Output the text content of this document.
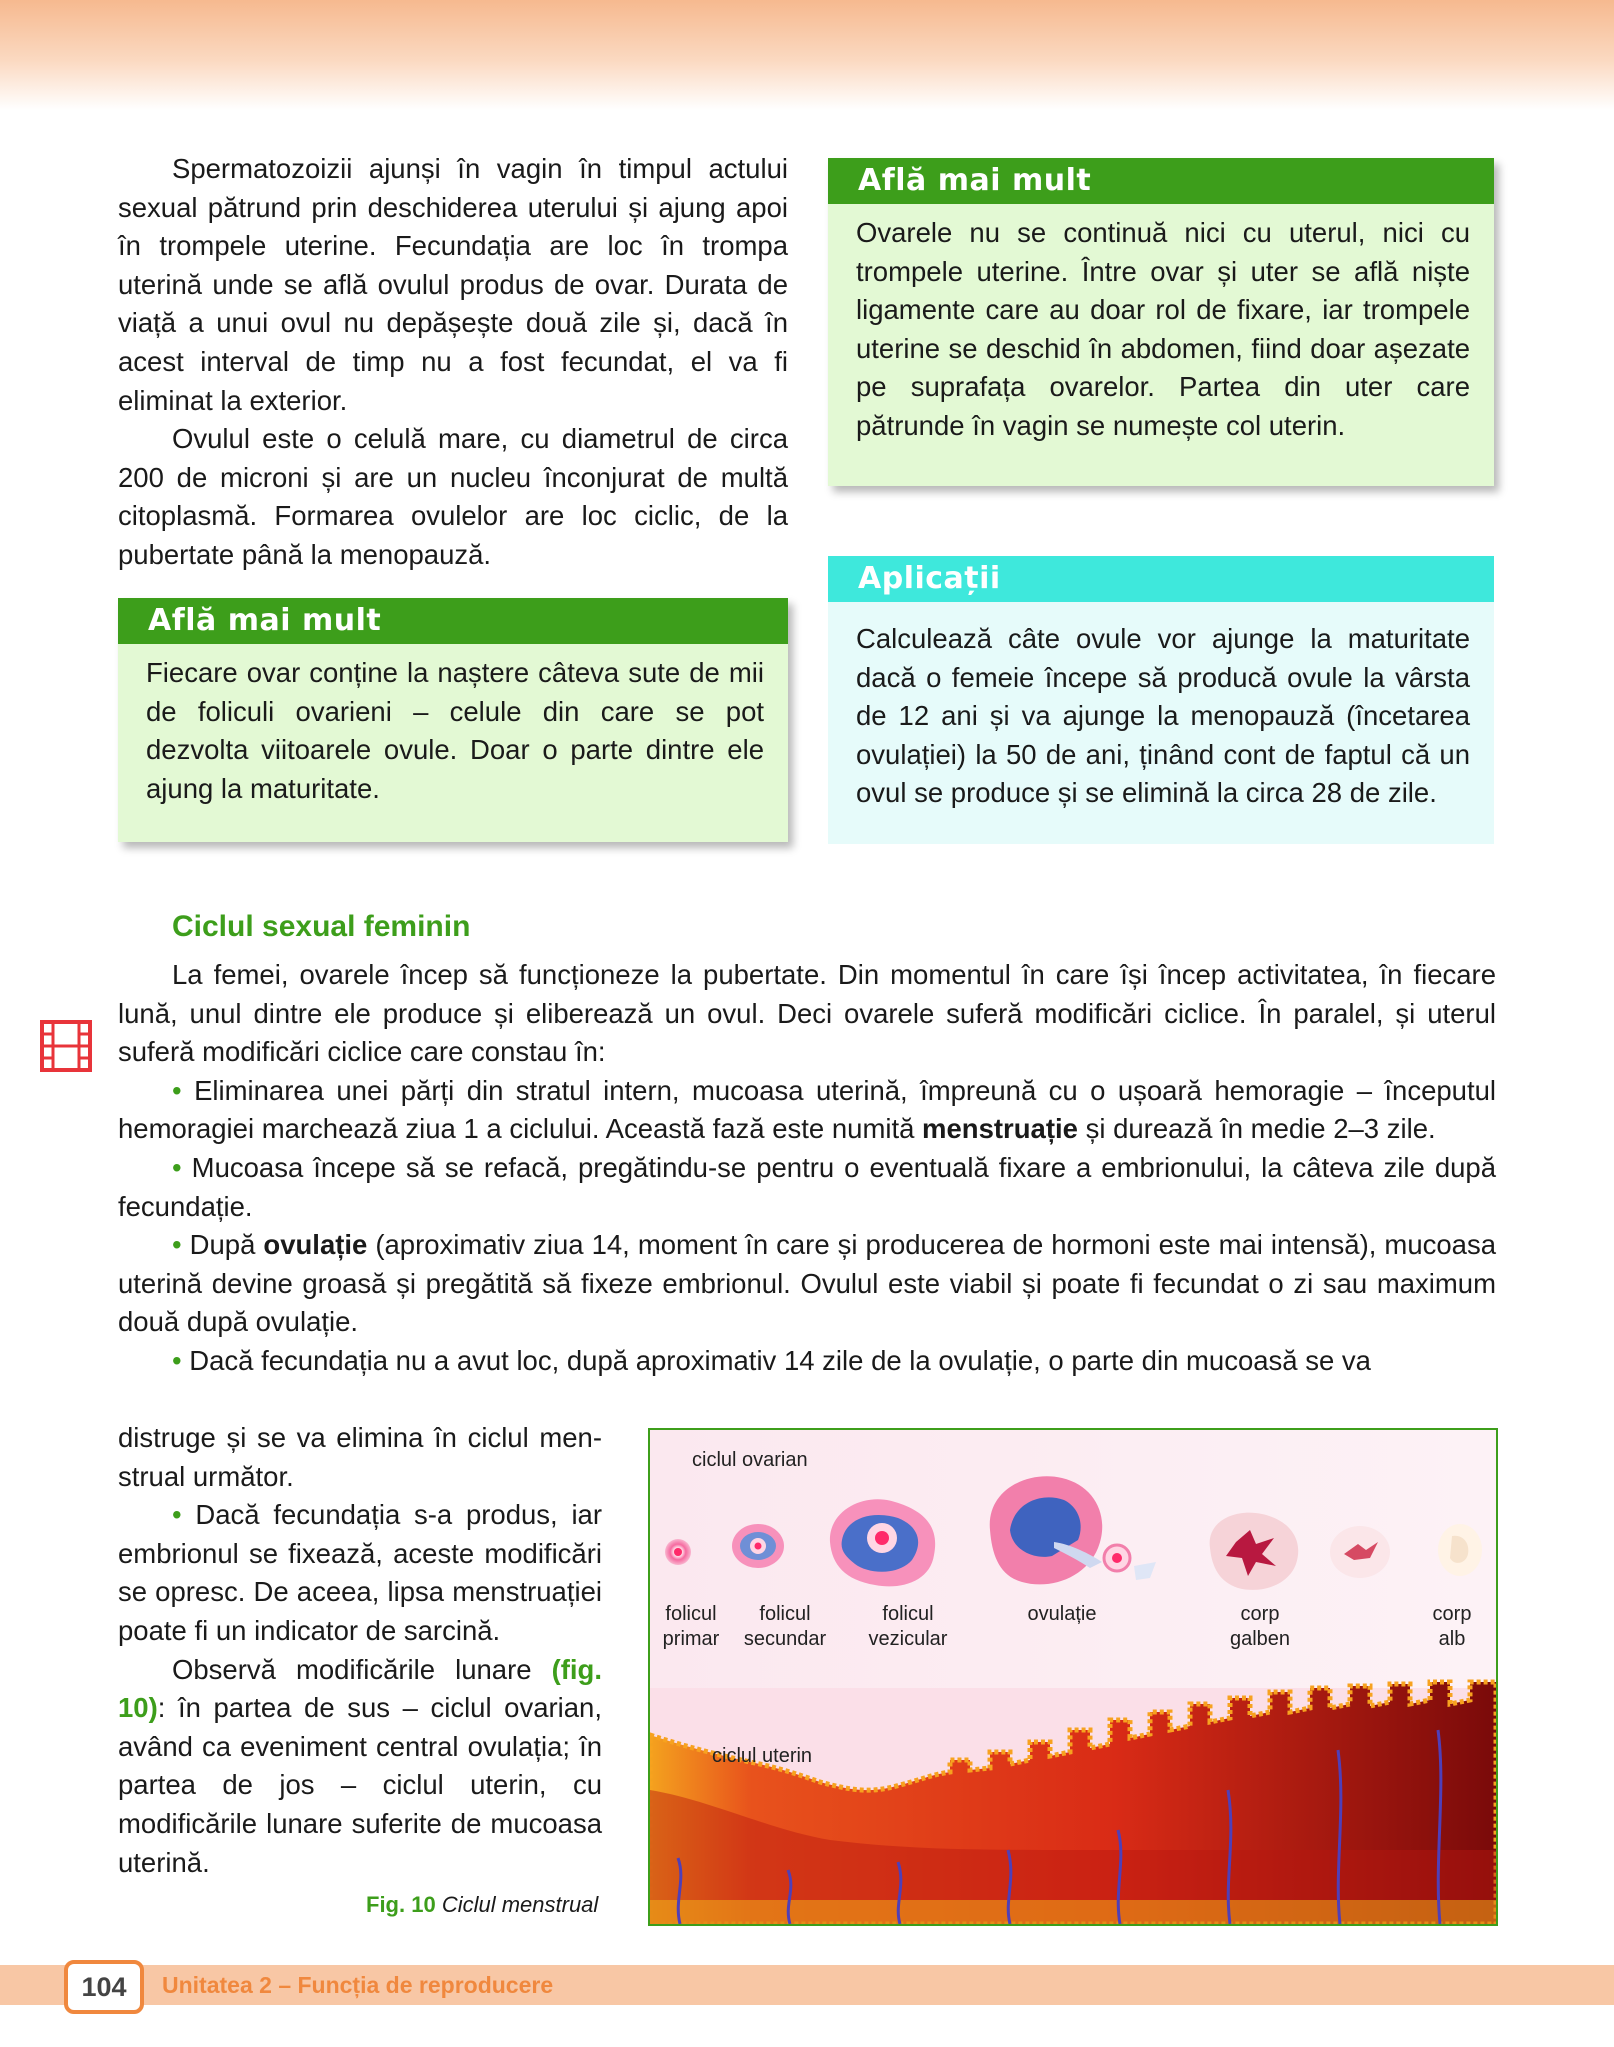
Spermatozoizii ajunși în vagin în timpul actului sexual pătrund prin deschiderea uterului și ajung apoi în trompele uterine. Fecundația are loc în trompa uterină unde se află ovulul produs de ovar. Durata de viață a unui ovul nu depășește două zile și, dacă în acest interval de timp nu a fost fecundat, el va fi eliminat la exterior.

Ovulul este o celulă mare, cu diametrul de circa 200 de microni și are un nucleu înconjurat de multă citoplasmă. Formarea ovulelor are loc ciclic, de la pubertate până la menopauză.

Află mai mult
Fiecare ovar conține la naștere câteva sute de mii de foliculi ovarieni – celule din care se pot dezvolta viitoarele ovule. Doar o parte dintre ele ajung la maturitate.
Află mai mult
Ovarele nu se continuă nici cu uterul, nici cu trompele uterine. Între ovar și uter se află niște ligamente care au doar rol de fixare, iar trompele uterine se deschid în abdomen, fiind doar așezate pe suprafața ovarelor. Partea din uter care pătrunde în vagin se numește col uterin.
Aplicații
Calculează câte ovule vor ajunge la maturitate dacă o femeie începe să producă ovule la vârsta de 12 ani și va ajunge la menopauză (încetarea ovulației) la 50 de ani, ținând cont de faptul că un ovul se produce și se elimină la circa 28 de zile.
Ciclul sexual feminin

La femei, ovarele încep să funcționeze la pubertate. Din momentul în care își încep activitatea, în fiecare lună, unul dintre ele produce și eliberează un ovul. Deci ovarele suferă modificări ciclice. În paralel, și uterul suferă modificări ciclice care constau în:

• Eliminarea unei părți din stratul intern, mucoasa uterină, împreună cu o ușoară hemoragie – începutul hemoragiei marchează ziua 1 a ciclului. Această fază este numită menstruație și durează în medie 2–3 zile.

• Mucoasa începe să se refacă, pregătindu-se pentru o eventuală fixare a embrionului, la câteva zile după fecundație.

• După ovulație (aproximativ ziua 14, moment în care și producerea de hormoni este mai intensă), mucoasa uterină devine groasă și pregătită să fixeze embrionul. Ovulul este viabil și poate fi fecundat o zi sau maximum două după ovulație.

• Dacă fecundația nu a avut loc, după aproximativ 14 zile de la ovulație, o parte din mucoasă se va

distruge și se va elimina în ciclul men-strual următor.

• Dacă fecundația s-a produs, iar embrionul se fixează, aceste modificări se opresc. De aceea, lipsa menstruației poate fi un indicator de sarcină.

Observă modificările lunare (fig. 10): în partea de sus – ciclul ovarian, având ca eveniment central ovulația; în partea de jos – ciclul uterin, cu modificările lunare suferite de mucoasa uterină.

ciclul ovarian
ciclul uterin
folicul
primar
folicul
secundar
folicul
vezicular
ovulație	corp
galben
corp
alb
Fig. 10 Ciclul menstrual
104	Unitatea 2 – Funcția de reproducere
